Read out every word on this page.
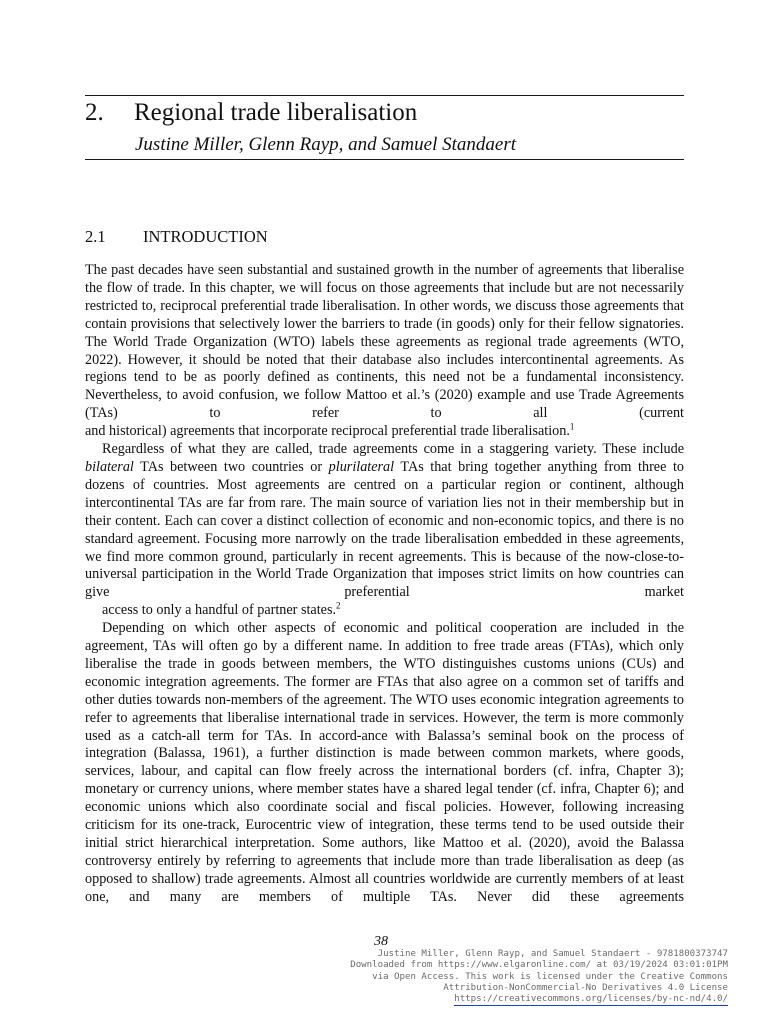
2. Regional trade liberalisation
Justine Miller, Glenn Rayp, and Samuel Standaert
2.1 INTRODUCTION

The past decades have seen substantial and sustained growth in the number of agreements that liberalise the flow of trade. In this chapter, we will focus on those agreements that include but are not necessarily restricted to, reciprocal preferential trade liberalisation. In other words, we discuss those agreements that contain provisions that selectively lower the barriers to trade (in goods) only for their fellow signatories. The World Trade Organization (WTO) labels these agreements as regional trade agreements (WTO, 2022). However, it should be noted that their database also includes intercontinental agreements. As regions tend to be as poorly defined as continents, this need not be a fundamental inconsistency. Nevertheless, to avoid confusion, we follow Mattoo et al.’s (2020) example and use Trade Agreements (TAs) to refer to all (current
and historical) agreements that incorporate reciprocal preferential trade liberalisation.$^1$

Regardless of what they are called, trade agreements come in a staggering variety. These include bilateral TAs between two countries or plurilateral TAs that bring together anything from three to dozens of countries. Most agreements are centred on a particular region or continent, although intercontinental TAs are far from rare. The main source of variation lies not in their membership but in their content. Each can cover a distinct collection of economic and non-economic topics, and there is no standard agreement. Focusing more narrowly on the trade liberalisation embedded in these agreements, we find more common ground, particularly in recent agreements. This is because of the now-close-to-universal participation in the World Trade Organization that imposes strict limits on how countries can give preferential market
access to only a handful of partner states.$^2$

Depending on which other aspects of economic and political cooperation are included in the agreement, TAs will often go by a different name. In addition to free trade areas (FTAs), which only liberalise the trade in goods between members, the WTO distinguishes customs unions (CUs) and economic integration agreements. The former are FTAs that also agree on a common set of tariffs and other duties towards non-members of the agreement. The WTO uses economic integration agreements to refer to agreements that liberalise international trade in services. However, the term is more commonly used as a catch-all term for TAs. In accord-ance with Balassa’s seminal book on the process of integration (Balassa, 1961), a further distinction is made between common markets, where goods, services, labour, and capital can flow freely across the international borders (cf. infra, Chapter 3); monetary or currency unions, where member states have a shared legal tender (cf. infra, Chapter 6); and economic unions which also coordinate social and fiscal policies. However, following increasing criticism for its one-track, Eurocentric view of integration, these terms tend to be used outside their initial strict hierarchical interpretation. Some authors, like Mattoo et al. (2020), avoid the Balassa controversy entirely by referring to agreements that include more than trade liberalisation as deep (as opposed to shallow) trade agreements. Almost all countries worldwide are currently members of at least one, and many are members of multiple TAs. Never did these agreements

38
Justine Miller, Glenn Rayp, and Samuel Standaert - 9781800373747
Downloaded from https://www.elgaronline.com/ at 03/19/2024 03:01:01PM
via Open Access. This work is licensed under the Creative Commons
Attribution-NonCommercial-No Derivatives 4.0 License
https://creativecommons.org/licenses/by-nc-nd/4.0/
